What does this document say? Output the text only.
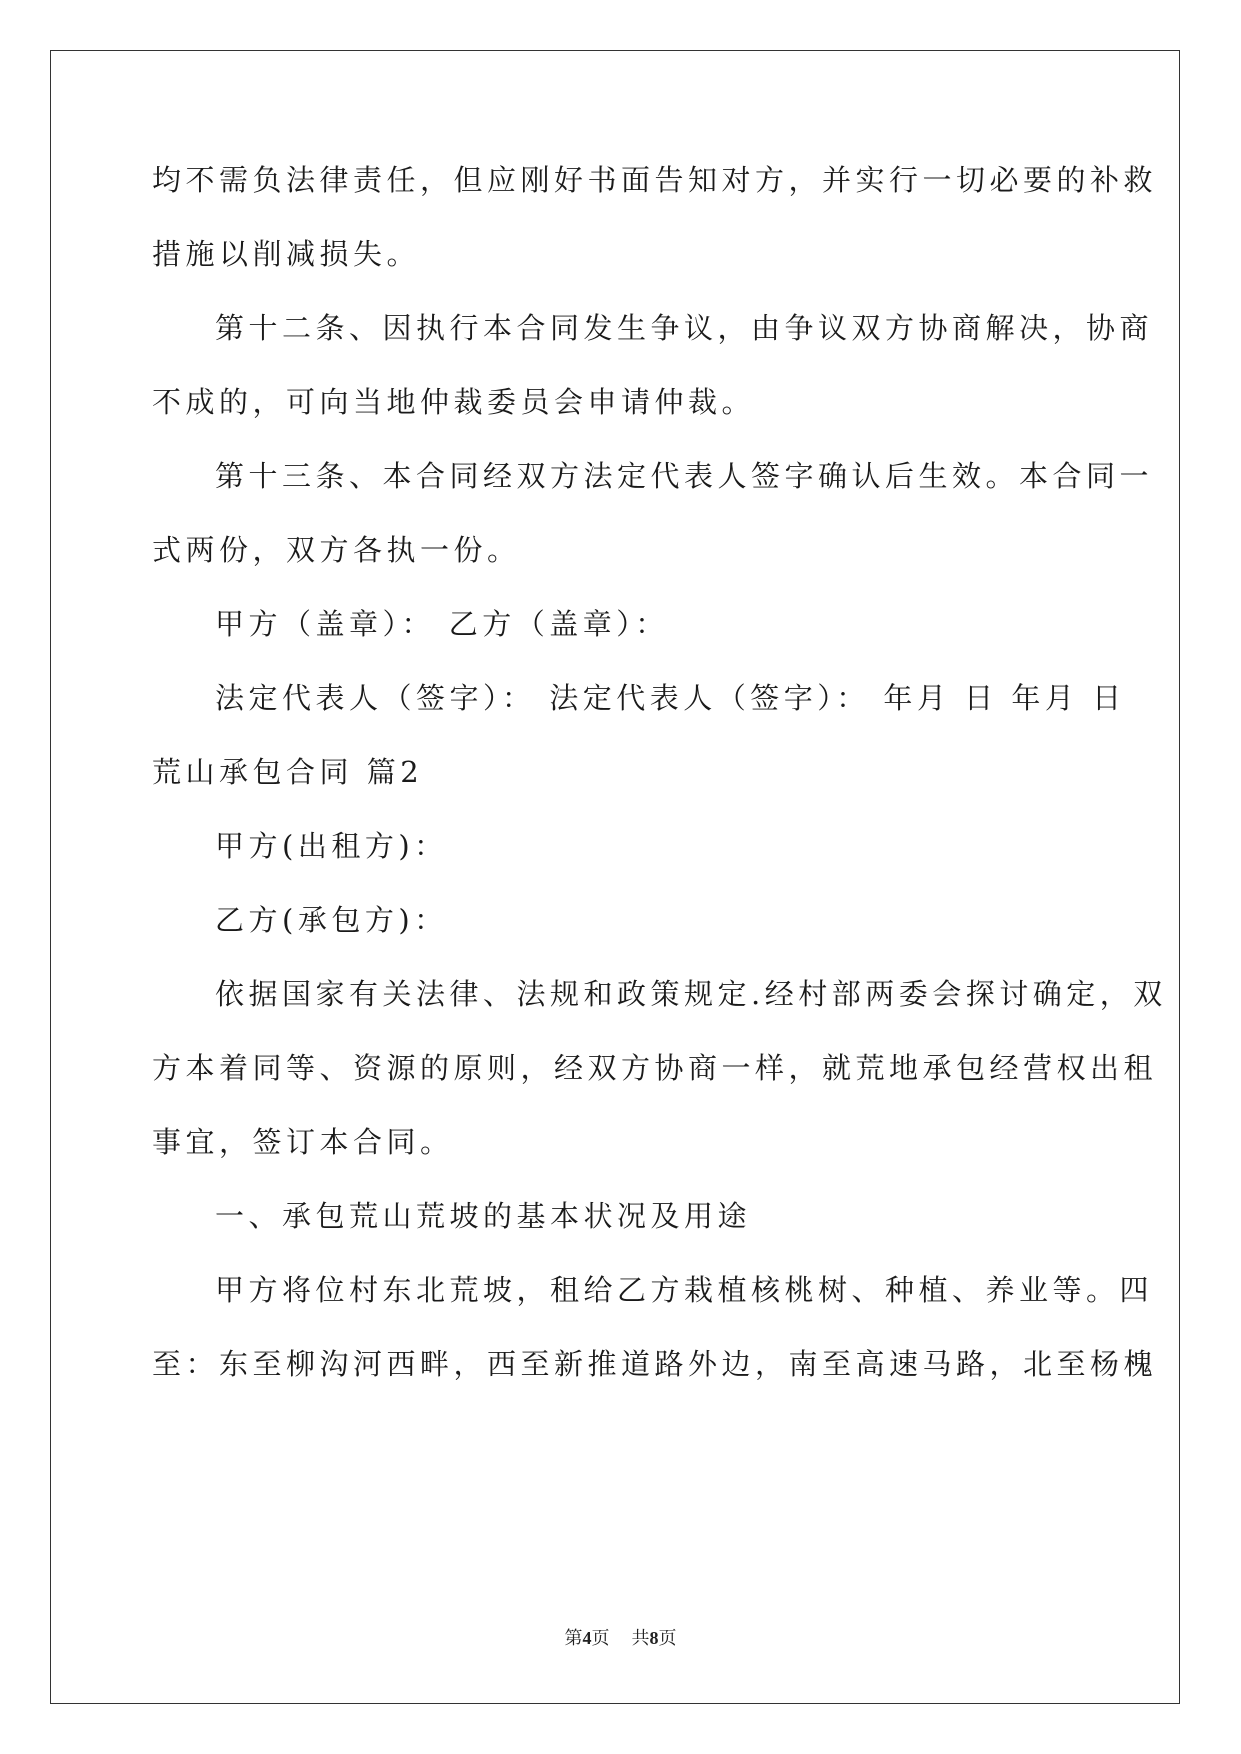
均不需负法律责任，但应刚好书面告知对方，并实行一切必要的补救
措施以削减损失。
第十二条、因执行本合同发生争议，由争议双方协商解决，协商
不成的，可向当地仲裁委员会申请仲裁。
第十三条、本合同经双方法定代表人签字确认后生效。本合同一
式两份，双方各执一份。
甲方（盖章）： 乙方（盖章）：
法定代表人（签字）： 法定代表人（签字）： 年月 日 年月 日
荒山承包合同 篇2
甲方(出租方)：
乙方(承包方)：
依据国家有关法律、法规和政策规定.经村部两委会探讨确定，双
方本着同等、资源的原则，经双方协商一样，就荒地承包经营权出租
事宜，签订本合同。
一、承包荒山荒坡的基本状况及用途
甲方将位村东北荒坡，租给乙方栽植核桃树、种植、养业等。四
至：东至柳沟河西畔，西至新推道路外边，南至高速马路，北至杨槐
第4页 共8页
